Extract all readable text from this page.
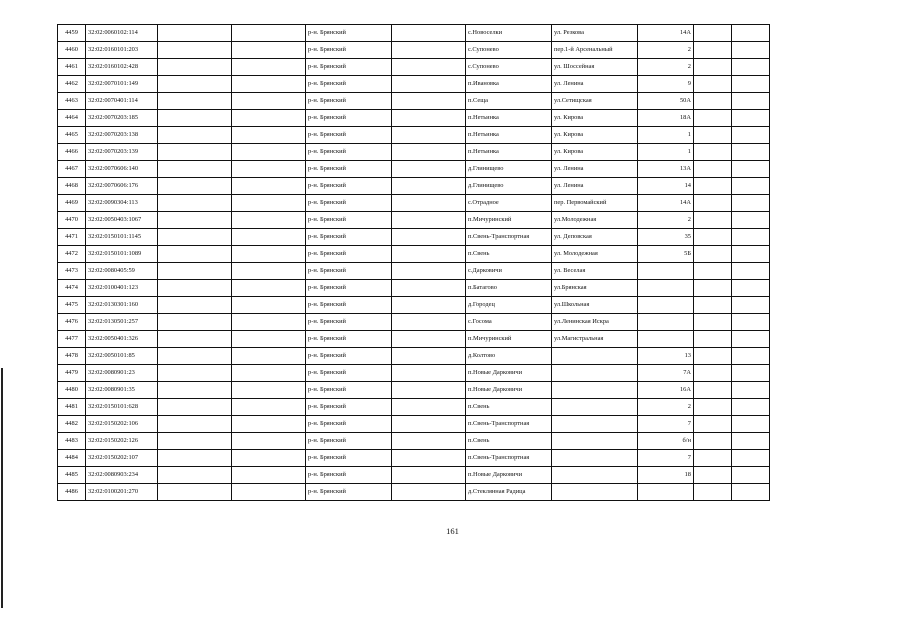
4459	32:02:0060102:114			р-н. Брянский		с.Новоселки	ул. Резкова	14А		
4460	32:02:0160101:203			р-н. Брянский		с.Супонево	пер.1-й Арсенальный	2		
4461	32:02:0160102:428			р-н. Брянский		с.Супонево	ул. Шоссейная	2		
4462	32:02:0070101:149			р-н. Брянский		п.Ивановка	ул. Ленина	9		
4463	32:02:0070401:114			р-н. Брянский		п.Сеща	ул.Сетищская	50А		
4464	32:02:0070203:185			р-н. Брянский		п.Нетьинка	ул. Кирова	18А		
4465	32:02:0070203:138			р-н. Брянский		п.Нетьинка	ул. Кирова	1		
4466	32:02:0070203:139			р-н. Брянский		п.Нетьинка	ул. Кирова	1		
4467	32:02:0070606:140			р-н. Брянский		д.Глинищево	ул. Ленина	13А		
4468	32:02:0070606:176			р-н. Брянский		д.Глинищево	ул. Ленина	14		
4469	32:02:0090304:113			р-н. Брянский		с.Отрадное	пер. Первомайский	14А		
4470	32:02:0050403:1067			р-н. Брянский		п.Мичуринский	ул.Молодежная	2		
4471	32:02:0150101:1145			р-н. Брянский		п.Свень-Транспортная	ул. Деповская	35		
4472	32:02:0150101:1089			р-н. Брянский		п.Свень	ул. Молодежная	5Б		
4473	32:02:0080405:59			р-н. Брянский		с.Дарковичи	ул. Веселая			
4474	32:02:0100401:123			р-н. Брянский		п.Батагово	ул.Брянская			
4475	32:02:0130301:160			р-н. Брянский		д.Городец	ул.Школьная			
4476	32:02:0130501:257			р-н. Брянский		с.Госома	ул.Ленинская Искра			
4477	32:02:0050401:326			р-н. Брянский		п.Мичуринский	ул.Магистральная			
4478	32:02:0050101:85			р-н. Брянский		д.Колтово		13		
4479	32:02:0080901:23			р-н. Брянский		п.Новые Дарковичи		7А		
4480	32:02:0080901:35			р-н. Брянский		п.Новые Дарковичи		16А		
4481	32:02:0150101:628			р-н. Брянский		п.Свень		2		
4482	32:02:0150202:106			р-н. Брянский		п.Свень-Транспортная		7		
4483	32:02:0150202:126			р-н. Брянский		п.Свень		б/н		
4484	32:02:0150202:107			р-н. Брянский		п.Свень-Транспортная		7		
4485	32:02:0080903:234			р-н. Брянский		п.Новые Дарковичи		18		
4486	32:02:0100201:270			р-н. Брянский		д.Стеклянная Радица				
161
